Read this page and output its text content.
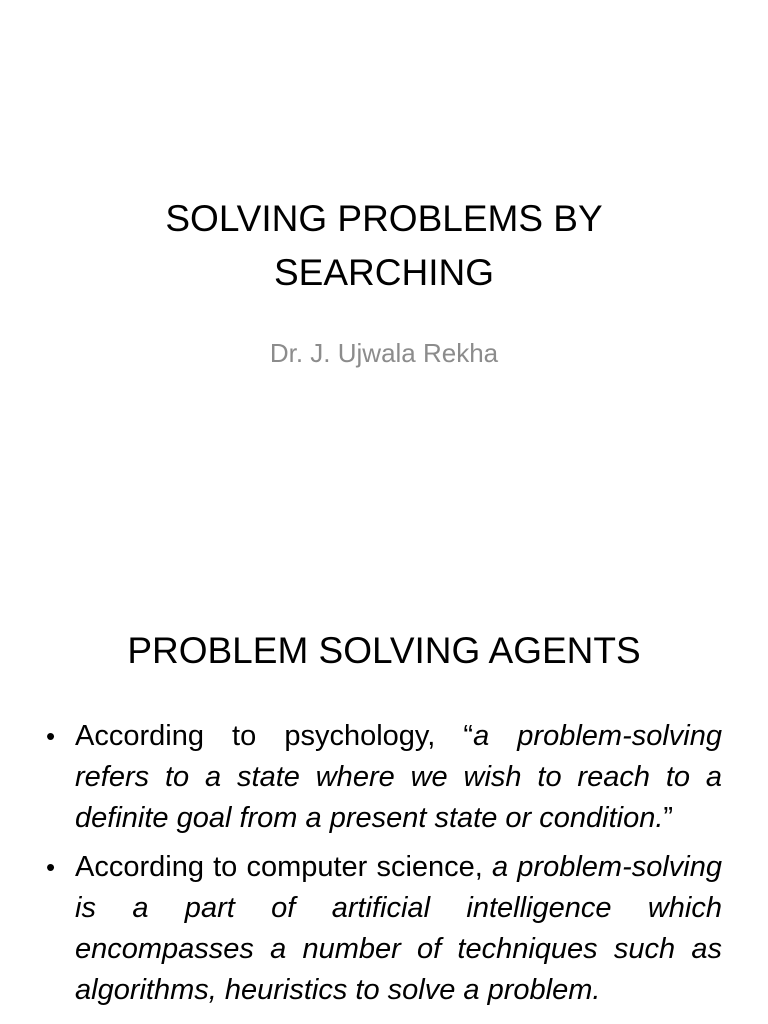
SOLVING PROBLEMS BY
SEARCHING

Dr. J. Ujwala Rekha

PROBLEM SOLVING AGENTS
• According to psychology, “a problem-solving refers to a state where we wish to reach to a definite goal from a present state or condition.”
• According to computer science, a problem-solving is a part of artificial intelligence which encompasses a number of techniques such as algorithms, heuristics to solve a problem.
